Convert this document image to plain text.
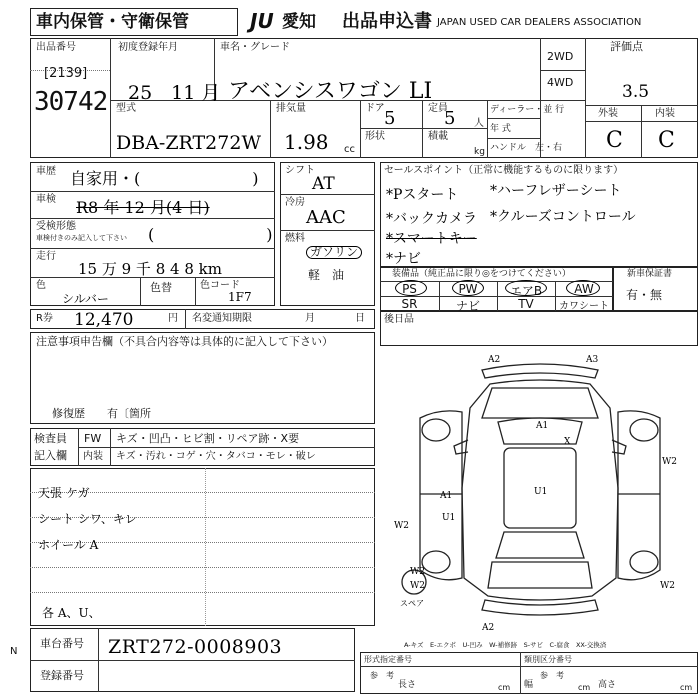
車内保管・守衛保管	JU 愛知 出品申込書 JAPAN USED CAR DEALERS ASSOCIATION
出品番号
[2139]
30742
初度登録年月
25　11 月
車名・グレード
アベンシスワゴン LI
2WD
4WD
評価点
3.5
外装	内装
C C
型式
DBA-ZRT272W
排気量
1.98 cc
ドア 5	定員
5 人
形状	積載
kg
ディーラー・並 行
年 式
ハンドル　左・右
車歴 自家用・(　　　　　　　)
車検 R8 年 12 月(4 日)
受検形態
車検付きのみ記入して下さい (　　　　　　　)
走行
15 万 9 千 8 4 8 km
色
シルバー
色替	色コード
1F7
シフト
AT
冷房
AAC
燃料
ガソリン
軽　油
セールスポイント（正常に機能するものに限ります）
*Pスタート *ハーフレザーシート
*バックカメラ *クルーズコントロール
*スマートキー
*ナビ
装備品（純正品に限り◎をつけてください）
PS	PW	エアB	AW
SR	ナビ	TV	カワシート
新車保証書
有・無
R券 12,470	円 名変通知期限	月	日 後日品
注意事項申告欄（不具合内容等は具体的に記入して下さい）
修復歴　　有〔箇所
検査員
記入欄
FW キズ・凹凸・ヒビ割・リペア跡・X要
内装 キズ・汚れ・コゲ・穴・タバコ・モレ・破レ
天張 ケガ
シート シワ、キレ
ホイール A
各 A、U、
A2	A3
A1
X
U1
A1
U1
W2
W2
W2
W2
A2
W2
スペア
A-キズ　E-エクボ　U-凹み　W-補修跡　S-サビ　C-腐食　XX-交換済
車台番号 ZRT272-0008903
登録番号
N
形式指定番号
参　考
長さ	cm
類別区分番号
参　考
幅	cm 高さ	cm
